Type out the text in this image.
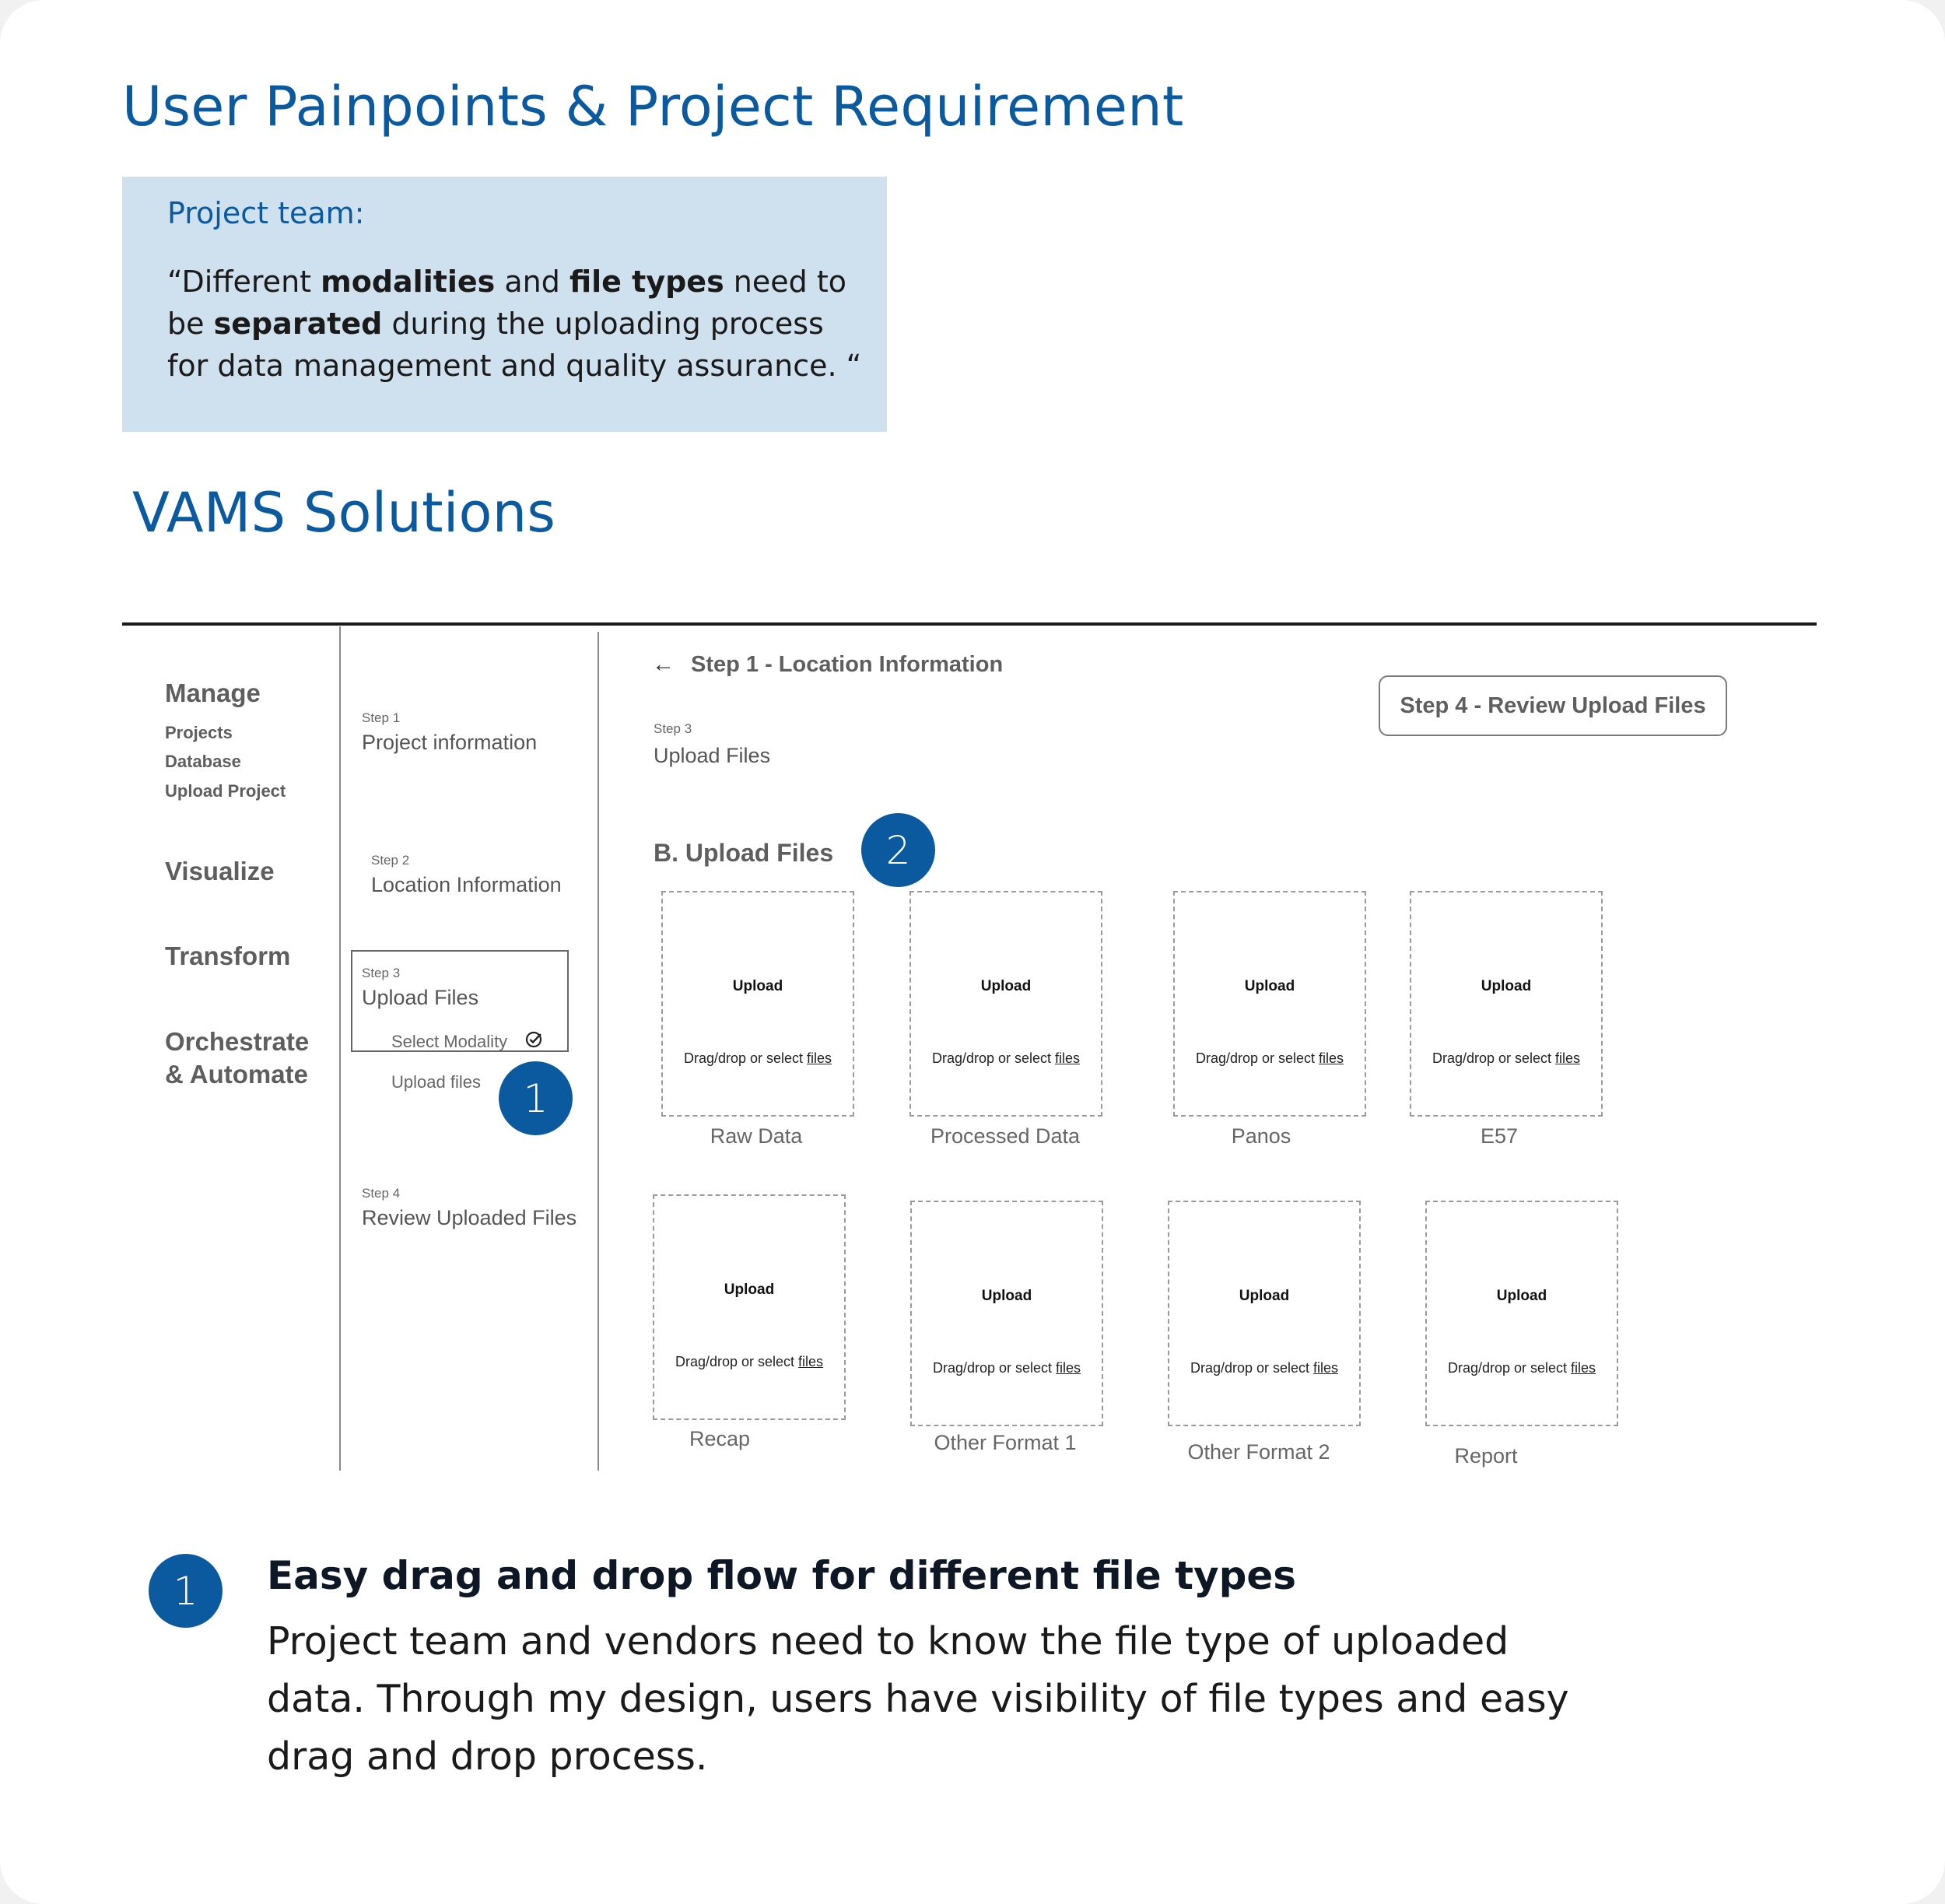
User Painpoints & Project Requirement
Project team:
“Different modalities and file types need to be separated during the uploading process for data management and quality assurance. “
VAMS Solutions
Manage
Projects
Database
Upload Project
Visualize
Transform
Orchestrate
& Automate
Step 1
Project information
Step 2
Location Information
Step 3
Upload Files
Select Modality
Upload files	1
Step 4
Review Uploaded Files
← Step 1 - Location Information
Step 4 - Review Upload Files
Step 3
Upload Files
B. Upload Files	2
Upload
Drag/drop or select files
Raw Data
Upload
Drag/drop or select files
Processed Data
Upload
Drag/drop or select files
Panos
Upload
Drag/drop or select files
E57
Upload
Drag/drop or select files
Recap
Upload
Drag/drop or select files
Other Format 1
Upload
Drag/drop or select files
Other Format 2
Upload
Drag/drop or select files
Report
1	Easy drag and drop flow for different file types
Project team and vendors need to know the file type of uploaded data. Through my design, users have visibility of file types and easy drag and drop process.
